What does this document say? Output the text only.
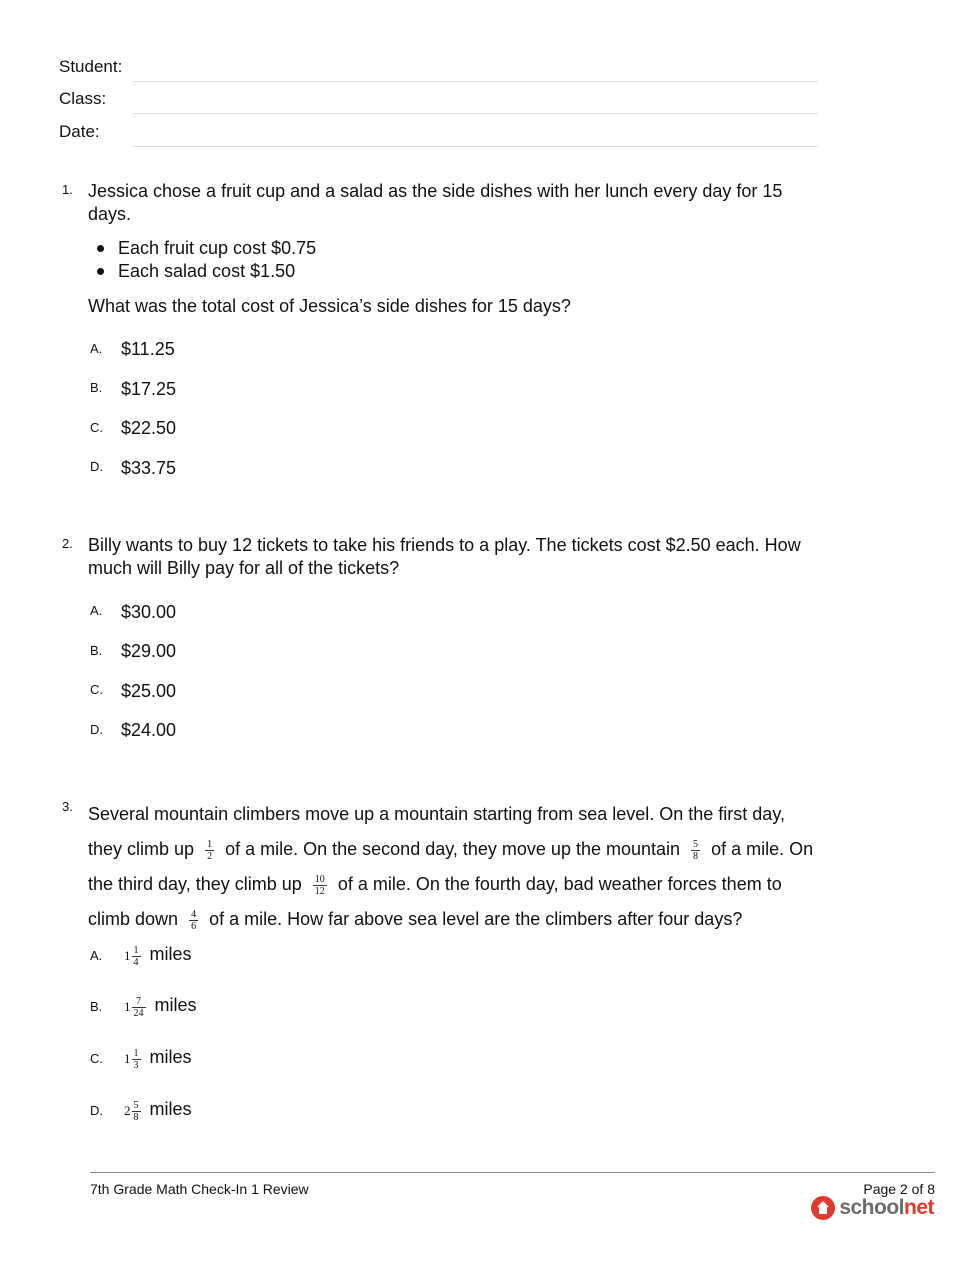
Student:
Class:
Date:
1. Jessica chose a fruit cup and a salad as the side dishes with her lunch every day for 15 days.
Each fruit cup cost $0.75
Each salad cost $1.50
What was the total cost of Jessica’s side dishes for 15 days?
A. $11.25
B. $17.25
C. $22.50
D. $33.75
2. Billy wants to buy 12 tickets to take his friends to a play. The tickets cost $2.50 each. How much will Billy pay for all of the tickets?
A. $30.00
B. $29.00
C. $25.00
D. $24.00
3. Several mountain climbers move up a mountain starting from sea level. On the first day, they climb up $\frac{1}{2}$ of a mile. On the second day, they move up the mountain $\frac{5}{8}$ of a mile. On the third day, they climb up $\frac{10}{12}$ of a mile. On the fourth day, bad weather forces them to climb down $\frac{4}{6}$ of a mile. How far above sea level are the climbers after four days?
A. $1 \frac{1}{4}$ miles
B. $1 \frac{7}{24}$ miles
C. $1 \frac{1}{3}$ miles
D. $2 \frac{5}{8}$ miles
7th Grade Math Check-In 1 Review	Page 2 of 8
schoolnet
